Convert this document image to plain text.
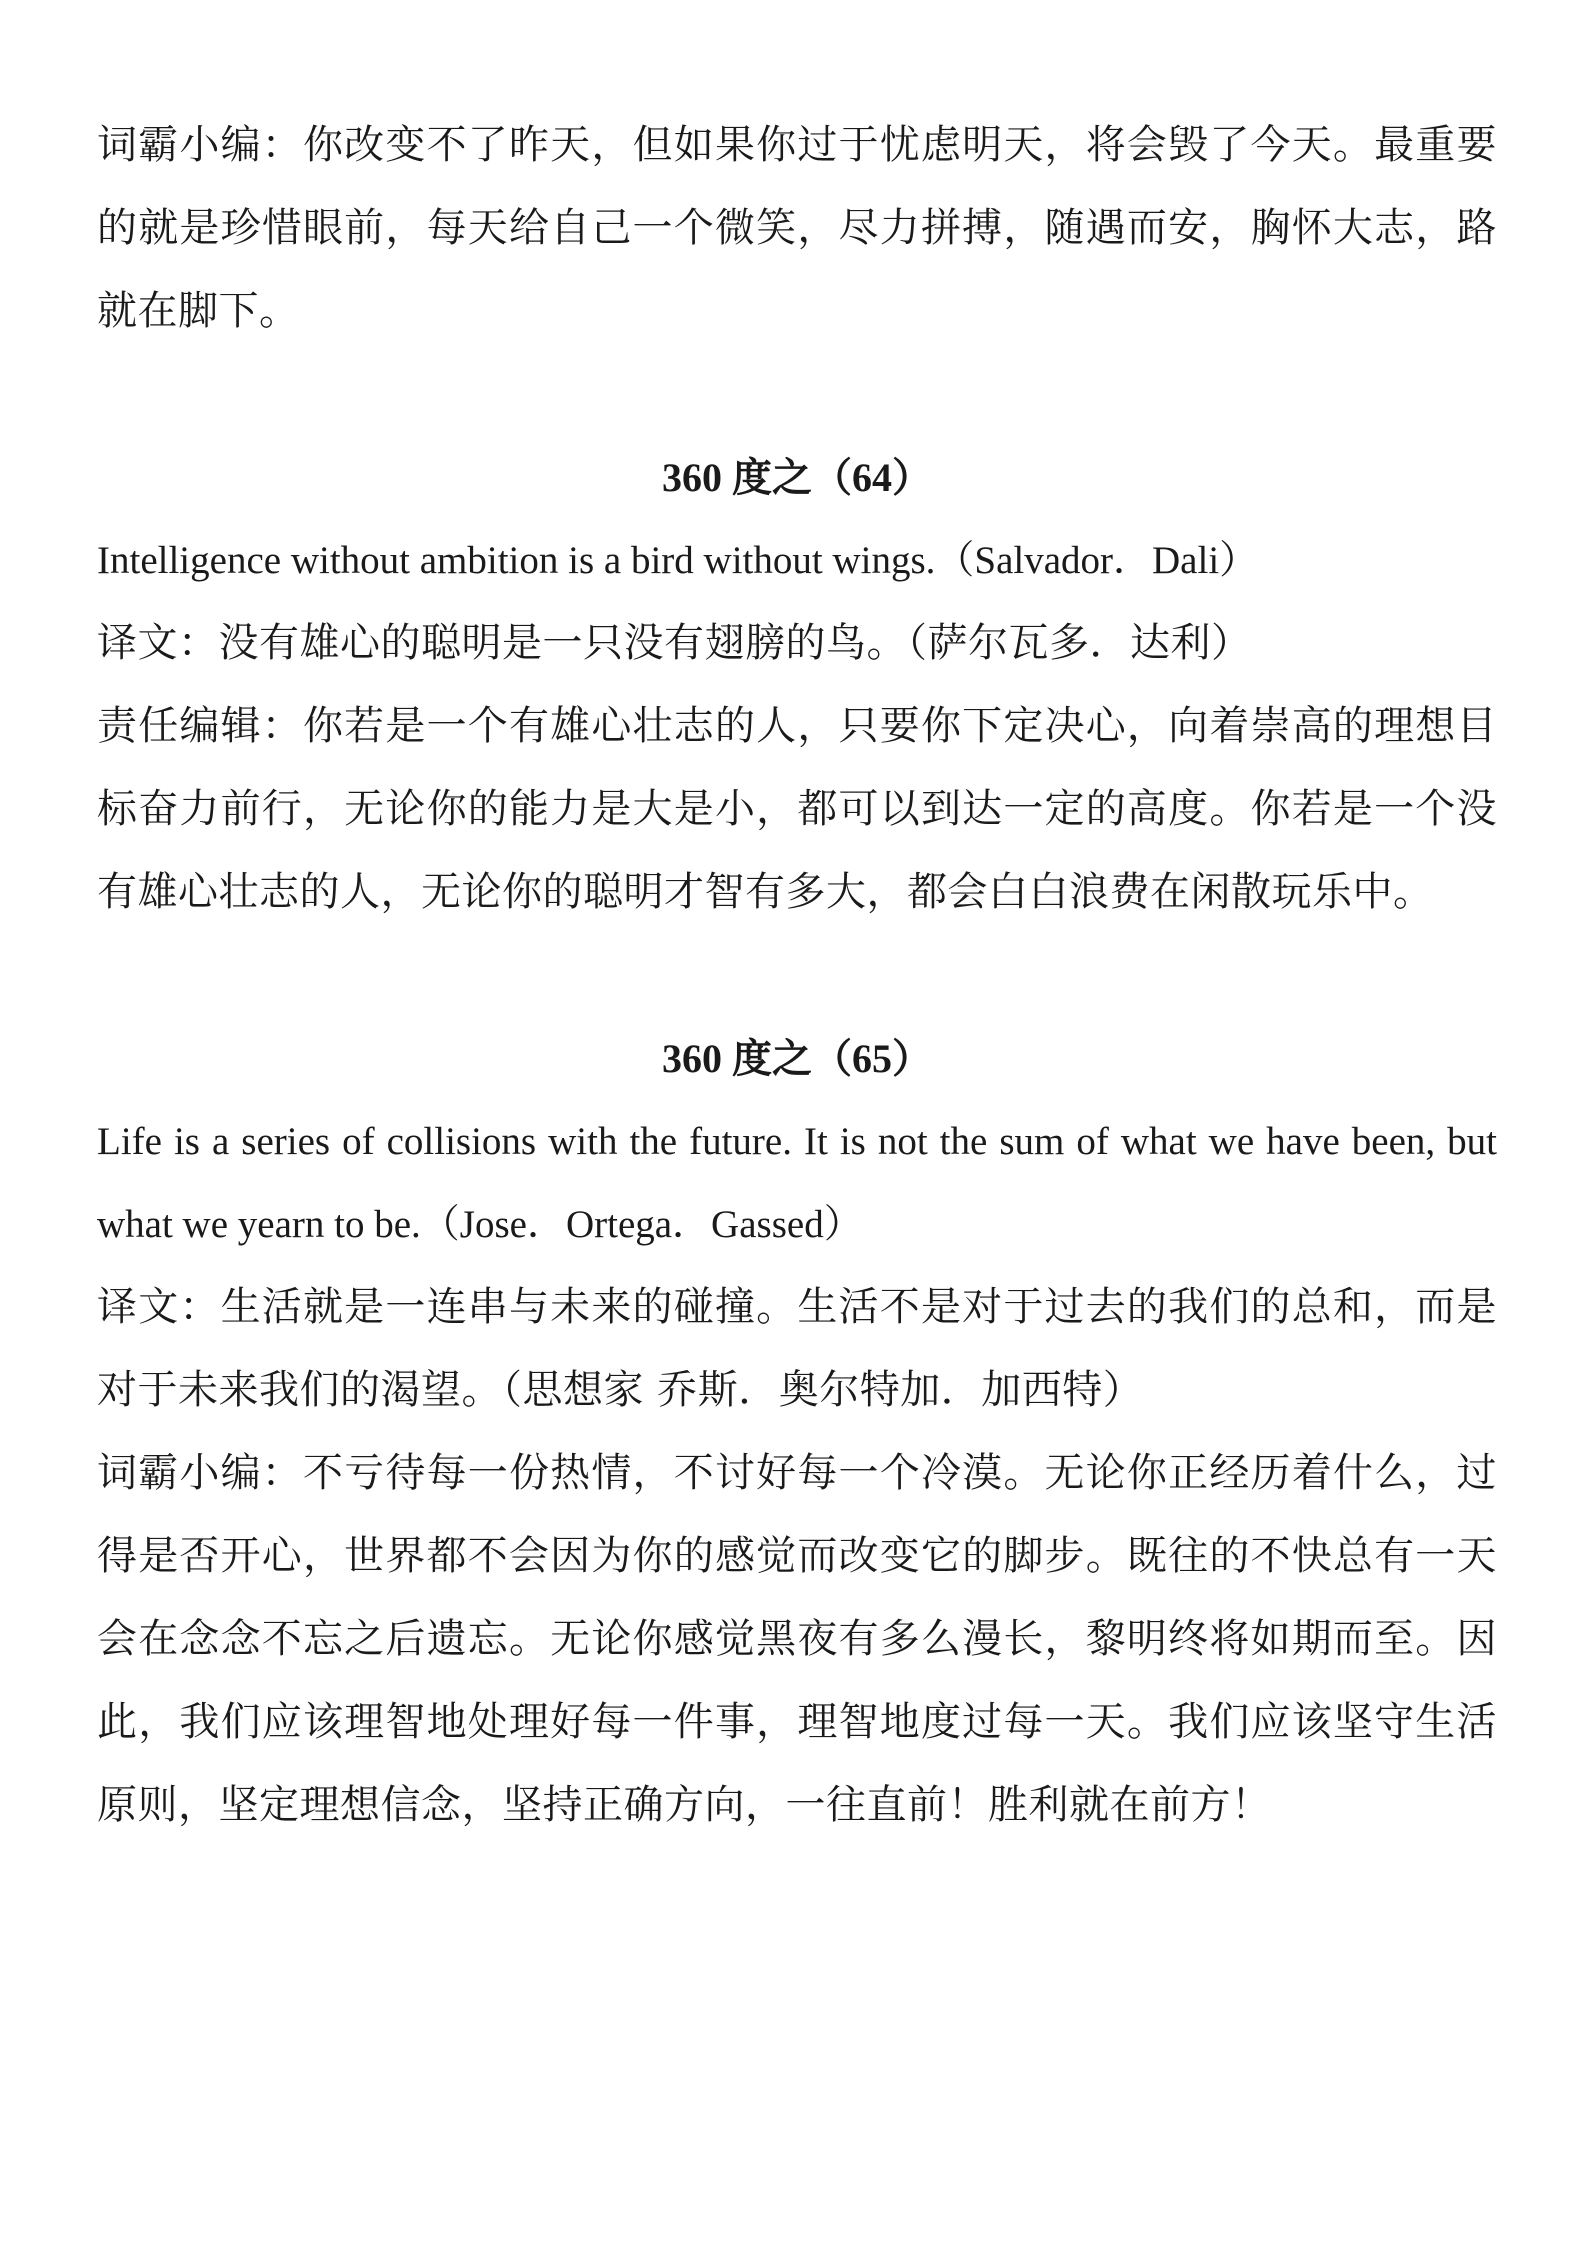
词霸小编：你改变不了昨天，但如果你过于忧虑明天，将会毁了今天。最重要的就是珍惜眼前，每天给自己一个微笑，尽力拼搏，随遇而安，胸怀大志，路就在脚下。

360 度之（64）

Intelligence without ambition is a bird without wings.（Salvador．Dali）

译文：没有雄心的聪明是一只没有翅膀的鸟。（萨尔瓦多．达利）

责任编辑：你若是一个有雄心壮志的人，只要你下定决心，向着崇高的理想目标奋力前行，无论你的能力是大是小，都可以到达一定的高度。你若是一个没有雄心壮志的人，无论你的聪明才智有多大，都会白白浪费在闲散玩乐中。

360 度之（65）

Life is a series of collisions with the future. It is not the sum of what we have been, but what we yearn to be.（Jose．Ortega．Gassed）

译文：生活就是一连串与未来的碰撞。生活不是对于过去的我们的总和，而是对于未来我们的渴望。（思想家 乔斯．奥尔特加．加西特）

词霸小编：不亏待每一份热情，不讨好每一个冷漠。无论你正经历着什么，过得是否开心，世界都不会因为你的感觉而改变它的脚步。既往的不快总有一天会在念念不忘之后遗忘。无论你感觉黑夜有多么漫长，黎明终将如期而至。因此，我们应该理智地处理好每一件事，理智地度过每一天。我们应该坚守生活原则，坚定理想信念，坚持正确方向，一往直前！胜利就在前方！
